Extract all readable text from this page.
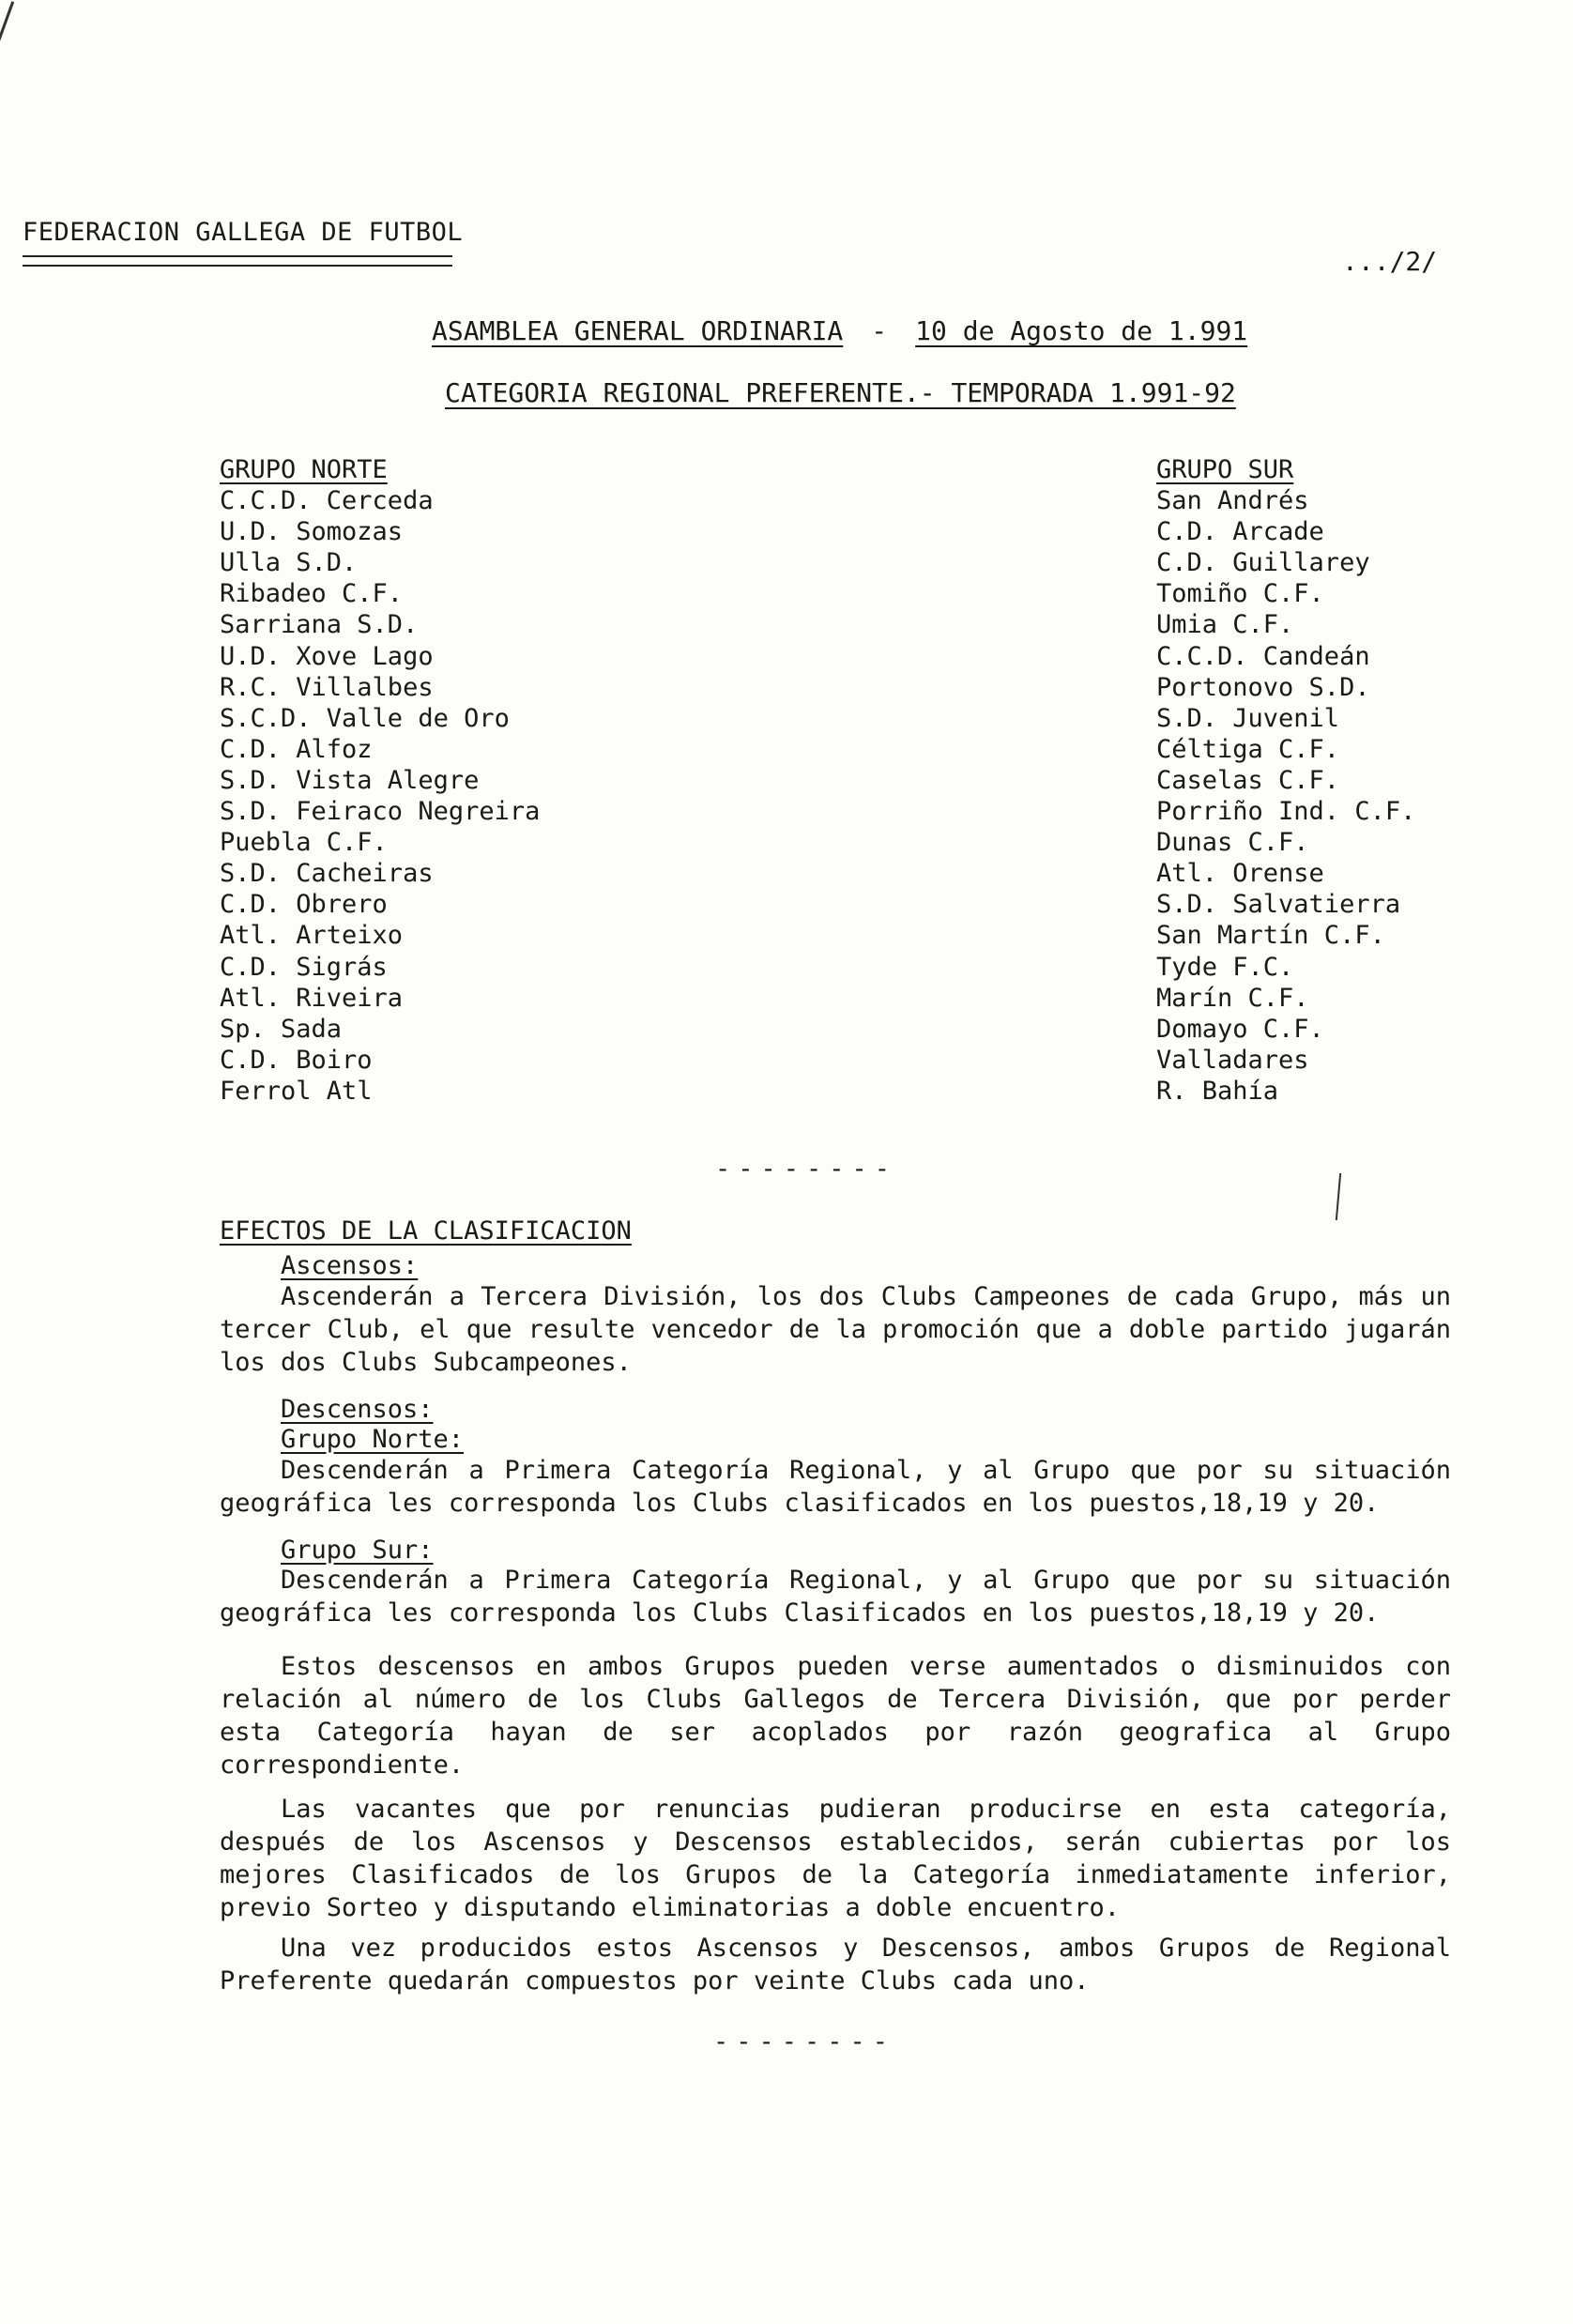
FEDERACION GALLEGA DE FUTBOL
.../2/
ASAMBLEA GENERAL ORDINARIA - 10 de Agosto de 1.991
CATEGORIA REGIONAL PREFERENTE.- TEMPORADA 1.991-92
GRUPO NORTE
C.C.D. Cerceda
U.D. Somozas
Ulla S.D.
Ribadeo C.F.
Sarriana S.D.
U.D. Xove Lago
R.C. Villalbes
S.C.D. Valle de Oro
C.D. Alfoz
S.D. Vista Alegre
S.D. Feiraco Negreira
Puebla C.F.
S.D. Cacheiras
C.D. Obrero
Atl. Arteixo
C.D. Sigrás
Atl. Riveira
Sp. Sada
C.D. Boiro
Ferrol Atl
GRUPO SUR
San Andrés
C.D. Arcade
C.D. Guillarey
Tomiño C.F.
Umia C.F.
C.C.D. Candeán
Portonovo S.D.
S.D. Juvenil
Céltiga C.F.
Caselas C.F.
Porriño Ind. C.F.
Dunas C.F.
Atl. Orense
S.D. Salvatierra
San Martín C.F.
Tyde F.C.
Marín C.F.
Domayo C.F.
Valladares
R. Bahía
--------
EFECTOS DE LA CLASIFICACION
Ascensos:
Ascenderán a Tercera División, los dos Clubs Campeones de cada Grupo, más un tercer Club, el que resulte vencedor de la promoción que a doble partido jugarán los dos Clubs Subcampeones.
Descensos:
Grupo Norte:
Descenderán a Primera Categoría Regional, y al Grupo que por su situación geográfica les corresponda los Clubs clasificados en los puestos,18,19 y 20.
Grupo Sur:
Descenderán a Primera Categoría Regional, y al Grupo que por su situación geográfica les corresponda los Clubs Clasificados en los puestos,18,19 y 20.
Estos descensos en ambos Grupos pueden verse aumentados o disminuidos con relación al número de los Clubs Gallegos de Tercera División, que por perder esta Categoría hayan de ser acoplados por razón geografica al Grupo correspondiente.
Las vacantes que por renuncias pudieran producirse en esta categoría, después de los Ascensos y Descensos establecidos, serán cubiertas por los mejores Clasificados de los Grupos de la Categoría inmediatamente inferior, previo Sorteo y disputando eliminatorias a doble encuentro.
Una vez producidos estos Ascensos y Descensos, ambos Grupos de Regional Preferente quedarán compuestos por veinte Clubs cada uno.
--------
